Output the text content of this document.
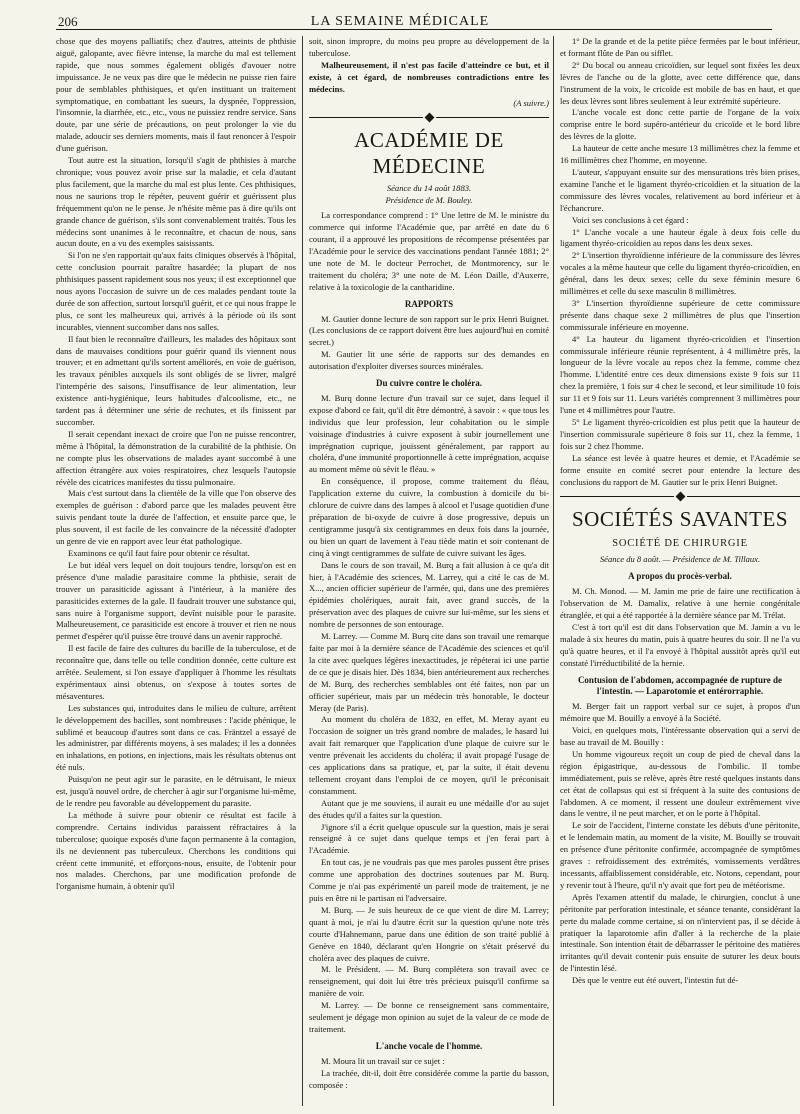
206	LA SEMAINE MÉDICALE

chose que des moyens palliatifs; chez d'autres, atteints de phthisie aiguë, galopante, avec fièvre intense, la marche du mal est tellement rapide, que nous sommes également obligés d'avouer notre impuissance. Je ne veux pas dire que le médecin ne puisse rien faire pour de semblables phthisiques, et qu'en instituant un traitement symptomatique, en combattant les sueurs, la dyspnée, l'oppression, l'insomnie, la diarrhée, etc., etc., vous ne puissiez rendre service. Sans doute, par une série de précautions, on peut prolonger la vie du malade, adoucir ses derniers moments, mais il faut renoncer à l'espoir d'une guérison.

Tout autre est la situation, lorsqu'il s'agit de phthisies à marche chronique; vous pouvez avoir prise sur la maladie, et cela d'autant plus facilement, que la marche du mal est plus lente. Ces phthisiques, nous ne saurions trop le répéter, peuvent guérir et guérissent plus fréquemment qu'on ne le pense. Je n'hésite même pas à dire qu'ils ont grande chance de guérison, s'ils sont convenablement traités. Tous les médecins sont unanimes à le reconnaître, et chacun de nous, sans aucun doute, en a vu des exemples saisissants.

Si l'on ne s'en rapportait qu'aux faits cliniques observés à l'hôpital, cette conclusion pourrait paraître hasardée; la plupart de nos phthisiques passent rapidement sous nos yeux; il est exceptionnel que nous ayons l'occasion de suivre un de ces malades pendant toute la durée de son affection, surtout lorsqu'il guérit, et ce qui nous frappe le plus, ce sont les malheureux qui, arrivés à la période où ils sont incurables, viennent succomber dans nos salles.

Il faut bien le reconnaître d'ailleurs, les malades des hôpitaux sont dans de mauvaises conditions pour guérir quand ils viennent nous trouver; et en admettant qu'ils sortent améliorés, en voie de guérison, les travaux pénibles auxquels ils sont obligés de se livrer, malgré l'intempérie des saisons, l'insuffisance de leur alimentation, leur existence anti-hygiénique, leurs habitudes d'alcoolisme, etc., ne tardent pas à déterminer une série de rechutes, et ils finissent par succomber.

Il serait cependant inexact de croire que l'on ne puisse rencontrer, même à l'hôpital, la démonstration de la curabilité de la phthisie. On ne compte plus les observations de malades ayant succombé à une affection étrangère aux voies respiratoires, chez lesquels l'autopsie révèle des cicatrices manifestes du tissu pulmonaire.

Mais c'est surtout dans la clientèle de la ville que l'on observe des exemples de guérison : d'abord parce que les malades peuvent être suivis pendant toute la durée de l'affection, et ensuite parce que, le plus souvent, il est facile de les convaincre de la nécessité d'adopter un genre de vie en rapport avec leur état pathologique.

Examinons ce qu'il faut faire pour obtenir ce résultat.

Le but idéal vers lequel on doit toujours tendre, lorsqu'on est en présence d'une maladie parasitaire comme la phthisie, serait de trouver un parasiticide agissant à l'intérieur, à la manière des parasiticides externes de la gale. Il faudrait trouver une substance qui, sans nuire à l'organisme support, devînt nuisible pour le parasite. Malheureusement, ce parasiticide est encore à trouver et rien ne nous permet d'espérer qu'il puisse être trouvé dans un avenir rapproché.

Il est facile de faire des cultures du bacille de la tuberculose, et de reconnaître que, dans telle ou telle condition donnée, cette culture est arrêtée. Seulement, si l'on essaye d'appliquer à l'homme les résultats expérimentaux ainsi obtenus, on s'expose à toutes sortes de mésaventures.

Les substances qui, introduites dans le milieu de culture, arrêtent le développement des bacilles, sont nombreuses : l'acide phénique, le sublimé et beaucoup d'autres sont dans ce cas. Fräntzel a essayé de les administrer, par différents moyens, à ses malades; il les a données en inhalations, en potions, en injections, mais les résultats obtenus ont été nuls.

Puisqu'on ne peut agir sur le parasite, en le détruisant, le mieux est, jusqu'à nouvel ordre, de chercher à agir sur l'organisme lui-même, de le rendre peu favorable au développement du parasite.

La méthode à suivre pour obtenir ce résultat est facile à comprendre. Certains individus paraissent réfractaires à la tuberculose; quoique exposés d'une façon permanente à la contagion, ils ne deviennent pas tuberculeux. Cherchons les conditions qui créent cette immunité, et efforçons-nous, ensuite, de l'obtenir pour nos malades. Cherchons, par une modification profonde de l'organisme humain, à obtenir qu'il

soit, sinon impropre, du moins peu propre au développement de la tuberculose.

Malheureusement, il n'est pas facile d'atteindre ce but, et il existe, à cet égard, de nombreuses contradictions entre les médecins.

(A suivre.)
ACADÉMIE DE MÉDECINE

Séance du 14 août 1883.

Présidence de M. Bouley.

La correspondance comprend : 1° Une lettre de M. le ministre du commerce qui informe l'Académie que, par arrêté en date du 6 courant, il a approuvé les propositions de récompense présentées par l'Académie pour le service des vaccinations pendant l'année 1881; 2° une note de M. le docteur Perrochet, de Montmorency, sur le traitement du choléra; 3° une note de M. Léon Daille, d'Auxerre, relative à la toxicologie de la cantharidine.

RAPPORTS

M. Gautier donne lecture de son rapport sur le prix Henri Buignet. (Les conclusions de ce rapport doivent être lues aujourd'hui en comité secret.)

M. Gautier lit une série de rapports sur des demandes en autorisation d'exploiter diverses sources minérales.

Du cuivre contre le choléra.

M. Burq donne lecture d'un travail sur ce sujet, dans lequel il expose d'abord ce fait, qu'il dit être démontré, à savoir : « que tous les individus que leur profession, leur cohabitation ou le simple voisinage d'industries à cuivre exposent à subir journellement une imprégnation cuprique, jouissent généralement, par rapport au choléra, d'une immunité proportionnelle à cette imprégnation, acquise au moment même où sévit le fléau. »

En conséquence, il propose, comme traitement du fléau, l'application externe du cuivre, la combustion à domicile du bi-chlorure de cuivre dans des lampes à alcool et l'usage quotidien d'une préparation de bi-oxyde de cuivre à dose progressive, depuis un centigramme jusqu'à six centigrammes en deux fois dans la journée, ou bien un quart de lavement à l'eau tiède matin et soir contenant de cinq à vingt centigrammes de sulfate de cuivre suivant les âges.

Dans le cours de son travail, M. Burq a fait allusion à ce qu'a dit hier, à l'Académie des sciences, M. Larrey, qui a cité le cas de M. X..., ancien officier supérieur de l'armée, qui, dans une des premières épidémies cholériques, aurait fait, avec grand succès, de la préservation avec des plaques de cuivre sur lui-même, sur les siens et nombre de personnes de son entourage.

M. Larrey. — Comme M. Burq cite dans son travail une remarque faite par moi à la dernière séance de l'Académie des sciences et qu'il la cite avec quelques légères inexactitudes, je répéterai ici une partie de ce que je disais hier. Dès 1834, bien antérieurement aux recherches de M. Burq, des recherches semblables ont été faites, non par un officier supérieur, mais par un médecin très honorable, le docteur Meray (de Paris).

Au moment du choléra de 1832, en effet, M. Meray ayant eu l'occasion de soigner un très grand nombre de malades, le hasard lui avait fait remarquer que l'application d'une plaque de cuivre sur le ventre prévenait les accidents du choléra; il avait propagé l'usage de ces applications dans sa pratique, et, par la suite, il était devenu tellement croyant dans l'emploi de ce moyen, qu'il le préconisait constamment.

Autant que je me souviens, il aurait eu une médaille d'or au sujet des études qu'il a faites sur la question.

J'ignore s'il a écrit quelque opuscule sur la question, mais je serai renseigné à ce sujet dans quelque temps et j'en ferai part à l'Académie.

En tout cas, je ne voudrais pas que mes paroles pussent être prises comme une approbation des doctrines soutenues par M. Burq. Comme je n'ai pas expérimenté un pareil mode de traitement, je ne puis en être ni le partisan ni l'adversaire.

M. Burq. — Je suis heureux de ce que vient de dire M. Larrey; quant à moi, je n'ai lu d'autre écrit sur la question qu'une note très courte d'Hahnemann, parue dans une édition de son traité publié à Genève en 1840, déclarant qu'en Hongrie on s'était préservé du choléra avec des plaques de cuivre.

M. le Président. — M. Burq complétera son travail avec ce renseignement, qui doit lui être très précieux puisqu'il confirme sa manière de voir.

M. Larrey. — De bonne ce renseignement sans commentaire, seulement je dégage mon opinion au sujet de la valeur de ce mode de traitement.

L'anche vocale de l'homme.

M. Moura lit un travail sur ce sujet :

La trachée, dit-il, doit être considérée comme la partie du basson, composée :

1° De la grande et de la petite pièce fermées par le bout inférieur, et formant flûte de Pan ou sifflet.

2° Du bocal ou anneau cricoïdien, sur lequel sont fixées les deux lèvres de l'anche ou de la glotte, avec cette différence que, dans l'instrument de la voix, le cricoïde est mobile de bas en haut, et que les deux lèvres sont libres seulement à leur extrémité supérieure.

L'anche vocale est donc cette partie de l'organe de la voix comprise entre le bord supéro-antérieur du cricoïde et le bord libre des lèvres de la glotte.

La hauteur de cette anche mesure 13 millimètres chez la femme et 16 millimètres chez l'homme, en moyenne.

L'auteur, s'appuyant ensuite sur des mensurations très bien prises, examine l'anche et le ligament thyréo-cricoïdien et la situation de la commissure des lèvres vocales, relativement au bord inférieur et à l'échancrure.

Voici ses conclusions à cet égard :

1° L'anche vocale a une hauteur égale à deux fois celle du ligament thyréo-cricoïdien au repos dans les deux sexes.

2° L'insertion thyroïdienne inférieure de la commissure des lèvres vocales a la même hauteur que celle du ligament thyréo-cricoïdien, en général, dans les deux sexes; celle du sexe féminin mesure 6 millimètres et celle du sexe masculin 8 millimètres.

3° L'insertion thyroïdienne supérieure de cette commissure présente dans chaque sexe 2 millimètres de plus que l'insertion commissurale inférieure en moyenne.

4° La hauteur du ligament thyréo-cricoïdien et l'insertion commissurale inférieure réunie représentent, à 4 millimètre près, la longueur de la lèvre vocale au repos chez la femme, comme chez l'homme. L'identité entre ces deux dimensions existe 9 fois sur 11 chez la première, 1 fois sur 4 chez le second, et leur similitude 10 fois sur 11 et 9 fois sur 11. Leurs variétés comprennent 3 millimètres pour l'une et 4 millimètres pour l'autre.

5° Le ligament thyréo-cricoïdien est plus petit que la hauteur de l'insertion commissurale supérieure 8 fois sur 11, chez la femme, 1 fois sur 2 chez l'homme.

La séance est levée à quatre heures et demie, et l'Académie se forme ensuite en comité secret pour entendre la lecture des conclusions du rapport de M. Gautier sur le prix Henri Buignet.

SOCIÉTÉS SAVANTES
SOCIÉTÉ DE CHIRURGIE

Séance du 8 août. — Présidence de M. Tillaux.

A propos du procès-verbal.

M. Ch. Monod. — M. Jamin me prie de faire une rectification à l'observation de M. Damalix, relative à une hernie congénitale étranglée, et qui a été rapportée à la dernière séance par M. Trélat.

C'est à tort qu'il est dit dans l'observation que M. Jamin a vu le malade à six heures du matin, puis à quatre heures du soir. Il ne l'a vu qu'à quatre heures, et il l'a envoyé à l'hôpital aussitôt après qu'il eut constaté l'irréductibilité de la hernie.

Contusion de l'abdomen, accompagnée de rupture de l'intestin. — Laparotomie et entérorraphie.

M. Berger fait un rapport verbal sur ce sujet, à propos d'un mémoire que M. Bouilly a envoyé à la Société.

Voici, en quelques mots, l'intéressante observation qui a servi de base au travail de M. Bouilly :

Un homme vigoureux reçoit un coup de pied de cheval dans la région épigastrique, au-dessous de l'ombilic. Il tombe immédiatement, puis se relève, après être resté quelques instants dans cet état de collapsus qui est si fréquent à la suite des contusions de l'abdomen. A ce moment, il ressent une douleur extrêmement vive dans le ventre, il ne peut marcher, et on le porte à l'hôpital.

Le soir de l'accident, l'interne constate les débuts d'une péritonite, et le lendemain matin, au moment de la visite, M. Bouilly se trouvait en présence d'une péritonite confirmée, accompagnée de symptômes graves : refroidissement des extrémités, vomissements verdâtres incessants, affaiblissement considérable, etc. Notons, cependant, pour y revenir tout à l'heure, qu'il n'y avait que fort peu de météorisme.

Après l'examen attentif du malade, le chirurgien, conclut à une péritonite par perforation intestinale, et séance tenante, considérant la perte du malade comme certaine, si on n'intervient pas, il se décide à pratiquer la laparotomie afin d'aller à la recherche de la plaie intestinale. Son intention était de débarrasser le péritoine des matières irritantes qu'il devait contenir puis ensuite de suturer les deux bouts de l'intestin lésé.

Dès que le ventre eut été ouvert, l'intestin fut dé-
